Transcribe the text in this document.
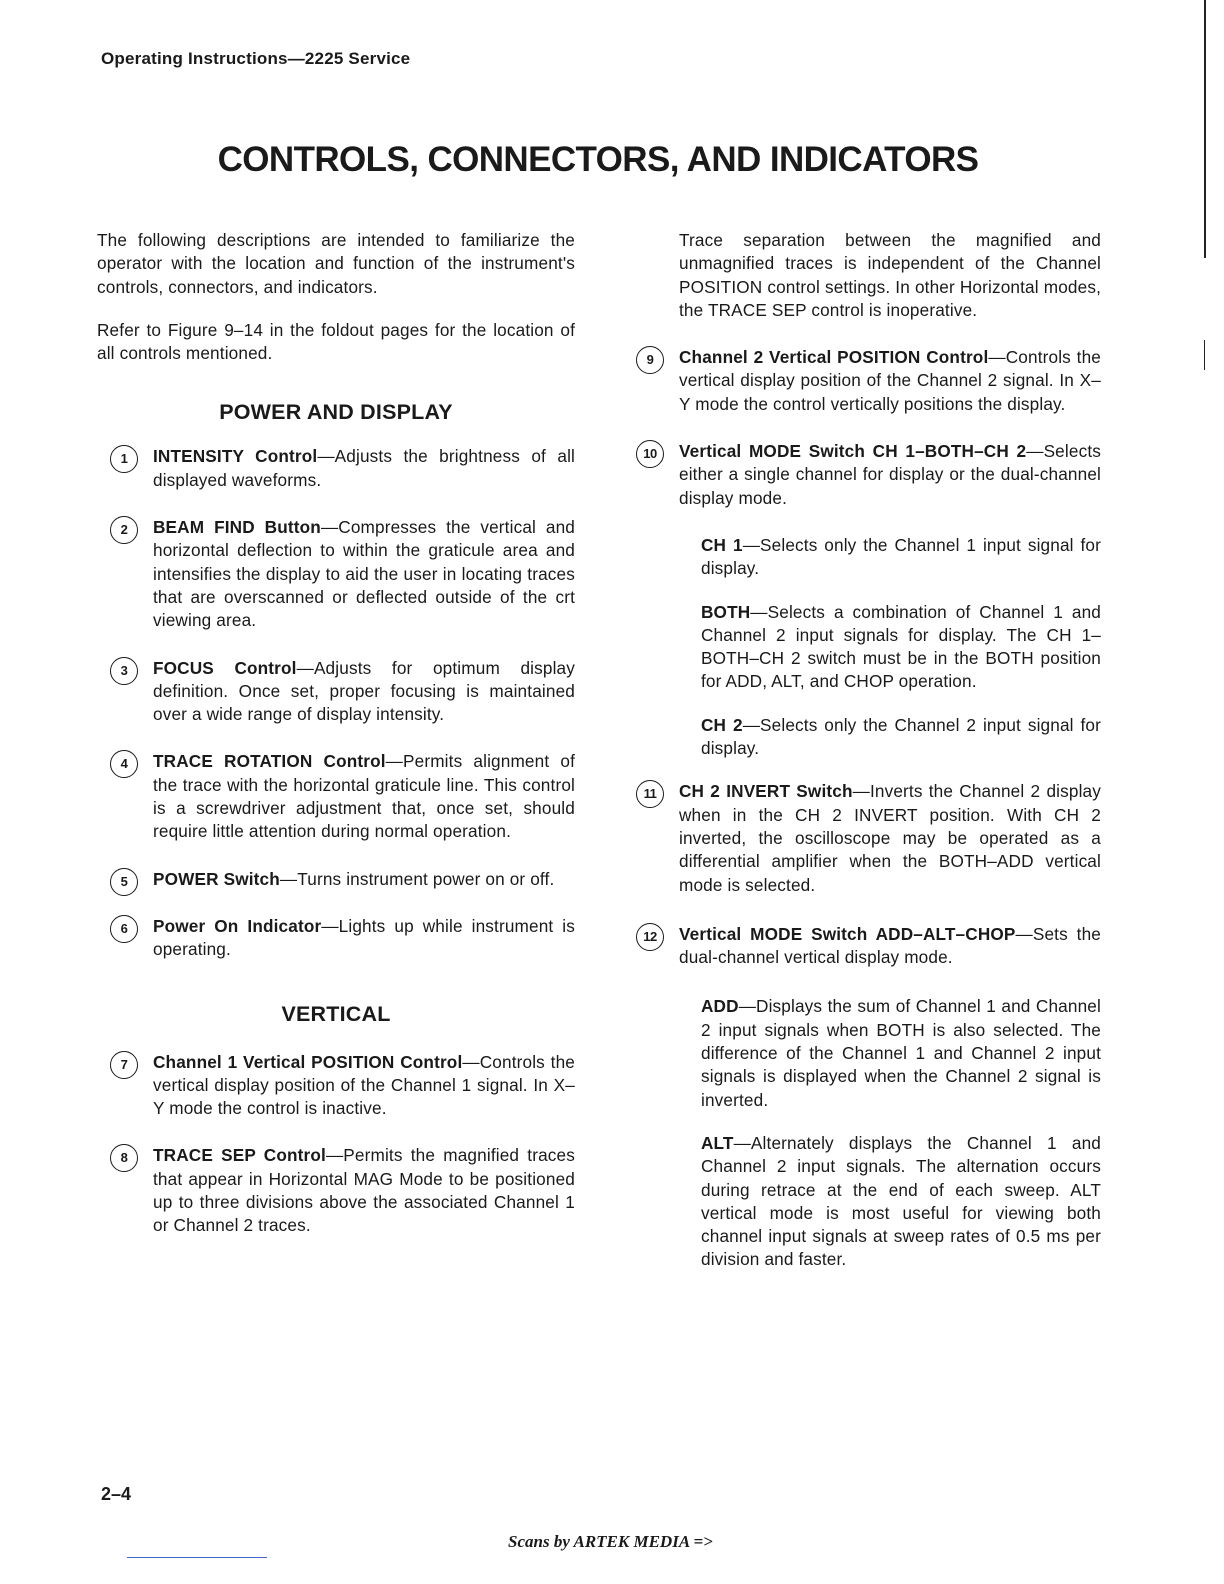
Operating Instructions—2225 Service
CONTROLS, CONNECTORS, AND INDICATORS

The following descriptions are intended to familiarize the operator with the location and function of the instrument's controls, connectors, and indicators.

Refer to Figure 9–14 in the foldout pages for the location of all controls mentioned.

POWER AND DISPLAY
1	INTENSITY Control—Adjusts the brightness of all displayed waveforms.

2	BEAM FIND Button—Compresses the vertical and horizontal deflection to within the graticule area and intensifies the display to aid the user in locating traces that are overscanned or deflected outside of the crt viewing area.

3	FOCUS Control—Adjusts for optimum display definition. Once set, proper focusing is maintained over a wide range of display intensity.

4	TRACE ROTATION Control—Permits alignment of the trace with the horizontal graticule line. This control is a screwdriver adjustment that, once set, should require little attention during normal operation.

5	POWER Switch—Turns instrument power on or off.

6	Power On Indicator—Lights up while instrument is operating.

VERTICAL
7	Channel 1 Vertical POSITION Control—Controls the vertical display position of the Channel 1 signal. In X–Y mode the control is inactive.

8	TRACE SEP Control—Permits the magnified traces that appear in Horizontal MAG Mode to be positioned up to three divisions above the associated Channel 1 or Channel 2 traces.

Trace separation between the magnified and unmagnified traces is independent of the Channel POSITION control settings. In other Horizontal modes, the TRACE SEP control is inoperative.

9	Channel 2 Vertical POSITION Control—Controls the vertical display position of the Channel 2 signal. In X–Y mode the control vertically positions the display.

10	Vertical MODE Switch CH 1–BOTH–CH 2—Selects either a single channel for display or the dual-channel display mode.

CH 1—Selects only the Channel 1 input signal for display.

BOTH—Selects a combination of Channel 1 and Channel 2 input signals for display. The CH 1–BOTH–CH 2 switch must be in the BOTH position for ADD, ALT, and CHOP operation.

CH 2—Selects only the Channel 2 input signal for display.

11	CH 2 INVERT Switch—Inverts the Channel 2 display when in the CH 2 INVERT position. With CH 2 inverted, the oscilloscope may be operated as a differential amplifier when the BOTH–ADD vertical mode is selected.

12	Vertical MODE Switch ADD–ALT–CHOP—Sets the dual-channel vertical display mode.

ADD—Displays the sum of Channel 1 and Channel 2 input signals when BOTH is also selected. The difference of the Channel 1 and Channel 2 input signals is displayed when the Channel 2 signal is inverted.

ALT—Alternately displays the Channel 1 and Channel 2 input signals. The alternation occurs during retrace at the end of each sweep. ALT vertical mode is most useful for viewing both channel input signals at sweep rates of 0.5 ms per division and faster.

2–4
Scans by ARTEK MEDIA =>
